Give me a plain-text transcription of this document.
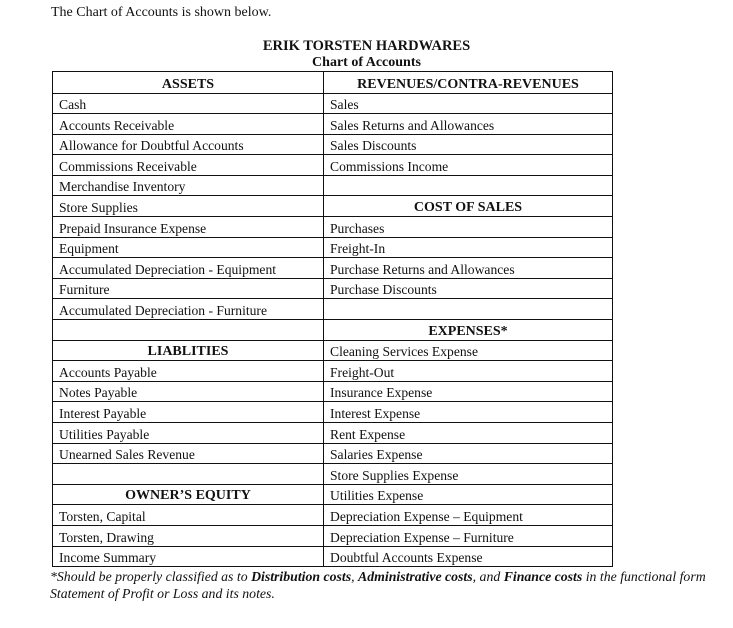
The Chart of Accounts is shown below.
ERIK TORSTEN HARDWARES
Chart of Accounts
ASSETS	REVENUES/CONTRA-REVENUES
Cash	Sales
Accounts Receivable	Sales Returns and Allowances
Allowance for Doubtful Accounts	Sales Discounts
Commissions Receivable	Commissions Income
Merchandise Inventory	
Store Supplies	COST OF SALES
Prepaid Insurance Expense	Purchases
Equipment	Freight-In
Accumulated Depreciation - Equipment	Purchase Returns and Allowances
Furniture	Purchase Discounts
Accumulated Depreciation - Furniture	
	EXPENSES*
LIABLITIES	Cleaning Services Expense
Accounts Payable	Freight-Out
Notes Payable	Insurance Expense
Interest Payable	Interest Expense
Utilities Payable	Rent Expense
Unearned Sales Revenue	Salaries Expense
	Store Supplies Expense
OWNER’S EQUITY	Utilities Expense
Torsten, Capital	Depreciation Expense – Equipment
Torsten, Drawing	Depreciation Expense – Furniture
Income Summary	Doubtful Accounts Expense
*Should be properly classified as to Distribution costs, Administrative costs, and Finance costs in the functional form Statement of Profit or Loss and its notes.
